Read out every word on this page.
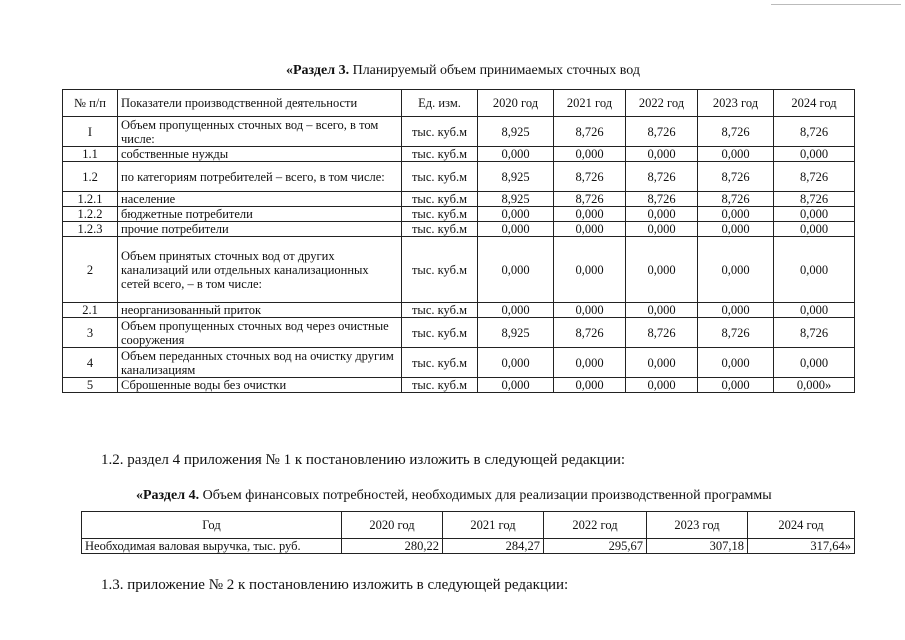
«Раздел 3. Планируемый объем принимаемых сточных вод
№ п/п	Показатели производственной деятельности	Ед. изм.	2020 год	2021 год	2022 год	2023 год	2024 год
I	Объем пропущенных сточных вод – всего, в том числе:	тыс. куб.м	8,925	8,726	8,726	8,726	8,726
1.1	собственные нужды	тыс. куб.м	0,000	0,000	0,000	0,000	0,000
1.2	по категориям потребителей – всего, в том числе:	тыс. куб.м	8,925	8,726	8,726	8,726	8,726
1.2.1	население	тыс. куб.м	8,925	8,726	8,726	8,726	8,726
1.2.2	бюджетные потребители	тыс. куб.м	0,000	0,000	0,000	0,000	0,000
1.2.3	прочие потребители	тыс. куб.м	0,000	0,000	0,000	0,000	0,000
2	Объем принятых сточных вод от других канализаций или отдельных канализационных сетей всего, – в том числе:	тыс. куб.м	0,000	0,000	0,000	0,000	0,000
2.1	неорганизованный приток	тыс. куб.м	0,000	0,000	0,000	0,000	0,000
3	Объем пропущенных сточных вод через очистные сооружения	тыс. куб.м	8,925	8,726	8,726	8,726	8,726
4	Объем переданных сточных вод на очистку другим канализациям	тыс. куб.м	0,000	0,000	0,000	0,000	0,000
5	Сброшенные воды без очистки	тыс. куб.м	0,000	0,000	0,000	0,000	0,000»
1.2. раздел 4 приложения № 1 к постановлению изложить в следующей редакции:
«Раздел 4. Объем финансовых потребностей, необходимых для реализации производственной программы
Год	2020 год	2021 год	2022 год	2023 год	2024 год
Необходимая валовая выручка, тыс. руб.	280,22	284,27	295,67	307,18	317,64»
1.3. приложение № 2 к постановлению изложить в следующей редакции:
